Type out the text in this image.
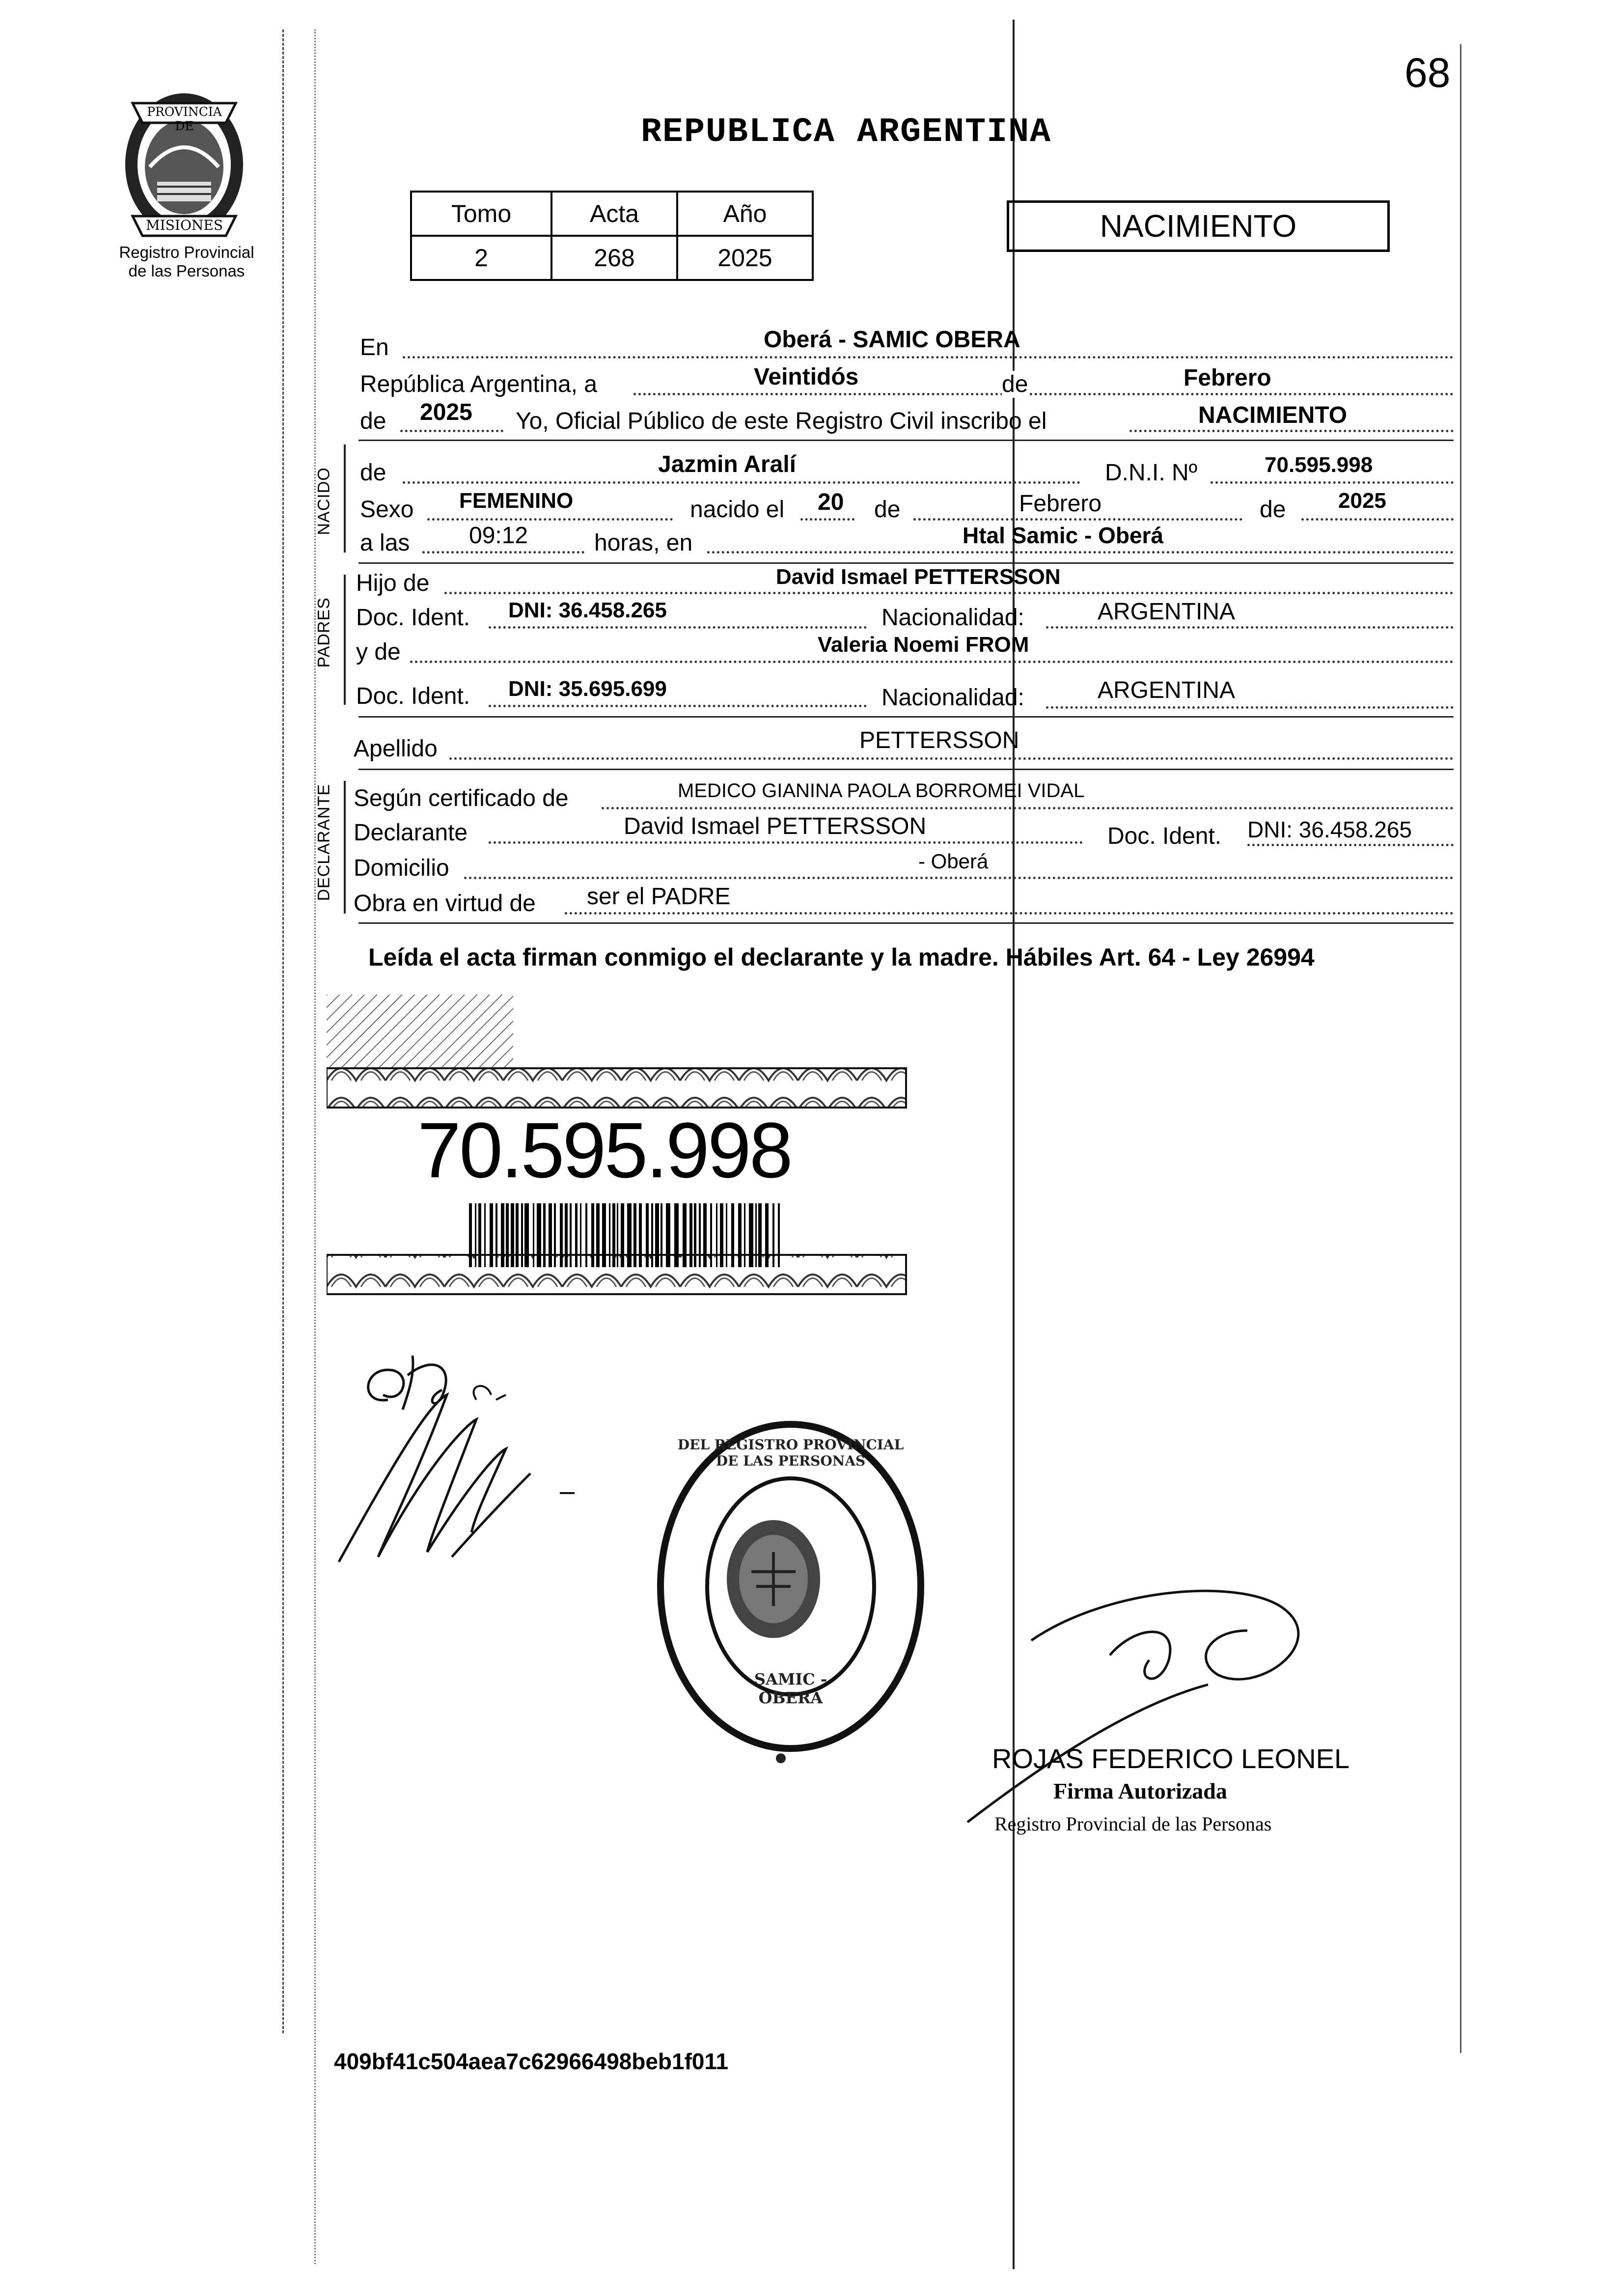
68
PROVINCIA DE
MISIONES
Registro Provincial
de las Personas
REPUBLICA ARGENTINA
Tomo	Acta	Año
2	268	2025
NACIMIENTO
NACIDO
PADRES
DECLARANTE
En	Oberá - SAMIC OBERA
República Argentina, a	Veintidós	de	Febrero
de 2025 Yo, Oficial Público de este Registro Civil inscribo el	NACIMIENTO
de	Jazmin Aralí	D.N.I. Nº	70.595.998
Sexo FEMENINO	nacido el 20 de	Febrero	de 2025
a las	09:12	horas, en	Htal Samic - Oberá
Hijo de	David Ismael PETTERSSON
Doc. Ident. DNI: 36.458.265	Nacionalidad:	ARGENTINA
y de	Valeria Noemi FROM
Doc. Ident. DNI: 35.695.699	Nacionalidad:	ARGENTINA
Apellido	PETTERSSON
Según certificado de	MEDICO GIANINA PAOLA BORROMEI VIDAL
Declarante	David Ismael PETTERSSON	Doc. Ident. DNI: 36.458.265
Domicilio	- Oberá
Obra en virtud de ser el PADRE
Leída el acta firman conmigo el declarante y la madre. Hábiles Art. 64 - Ley 26994
70.595.998
DEL REGISTRO PROVINCIAL DE LAS PERSONAS
SAMIC - OBERA
ROJAS FEDERICO LEONEL
Firma Autorizada
Registro Provincial de las Personas
409bf41c504aea7c62966498beb1f011
